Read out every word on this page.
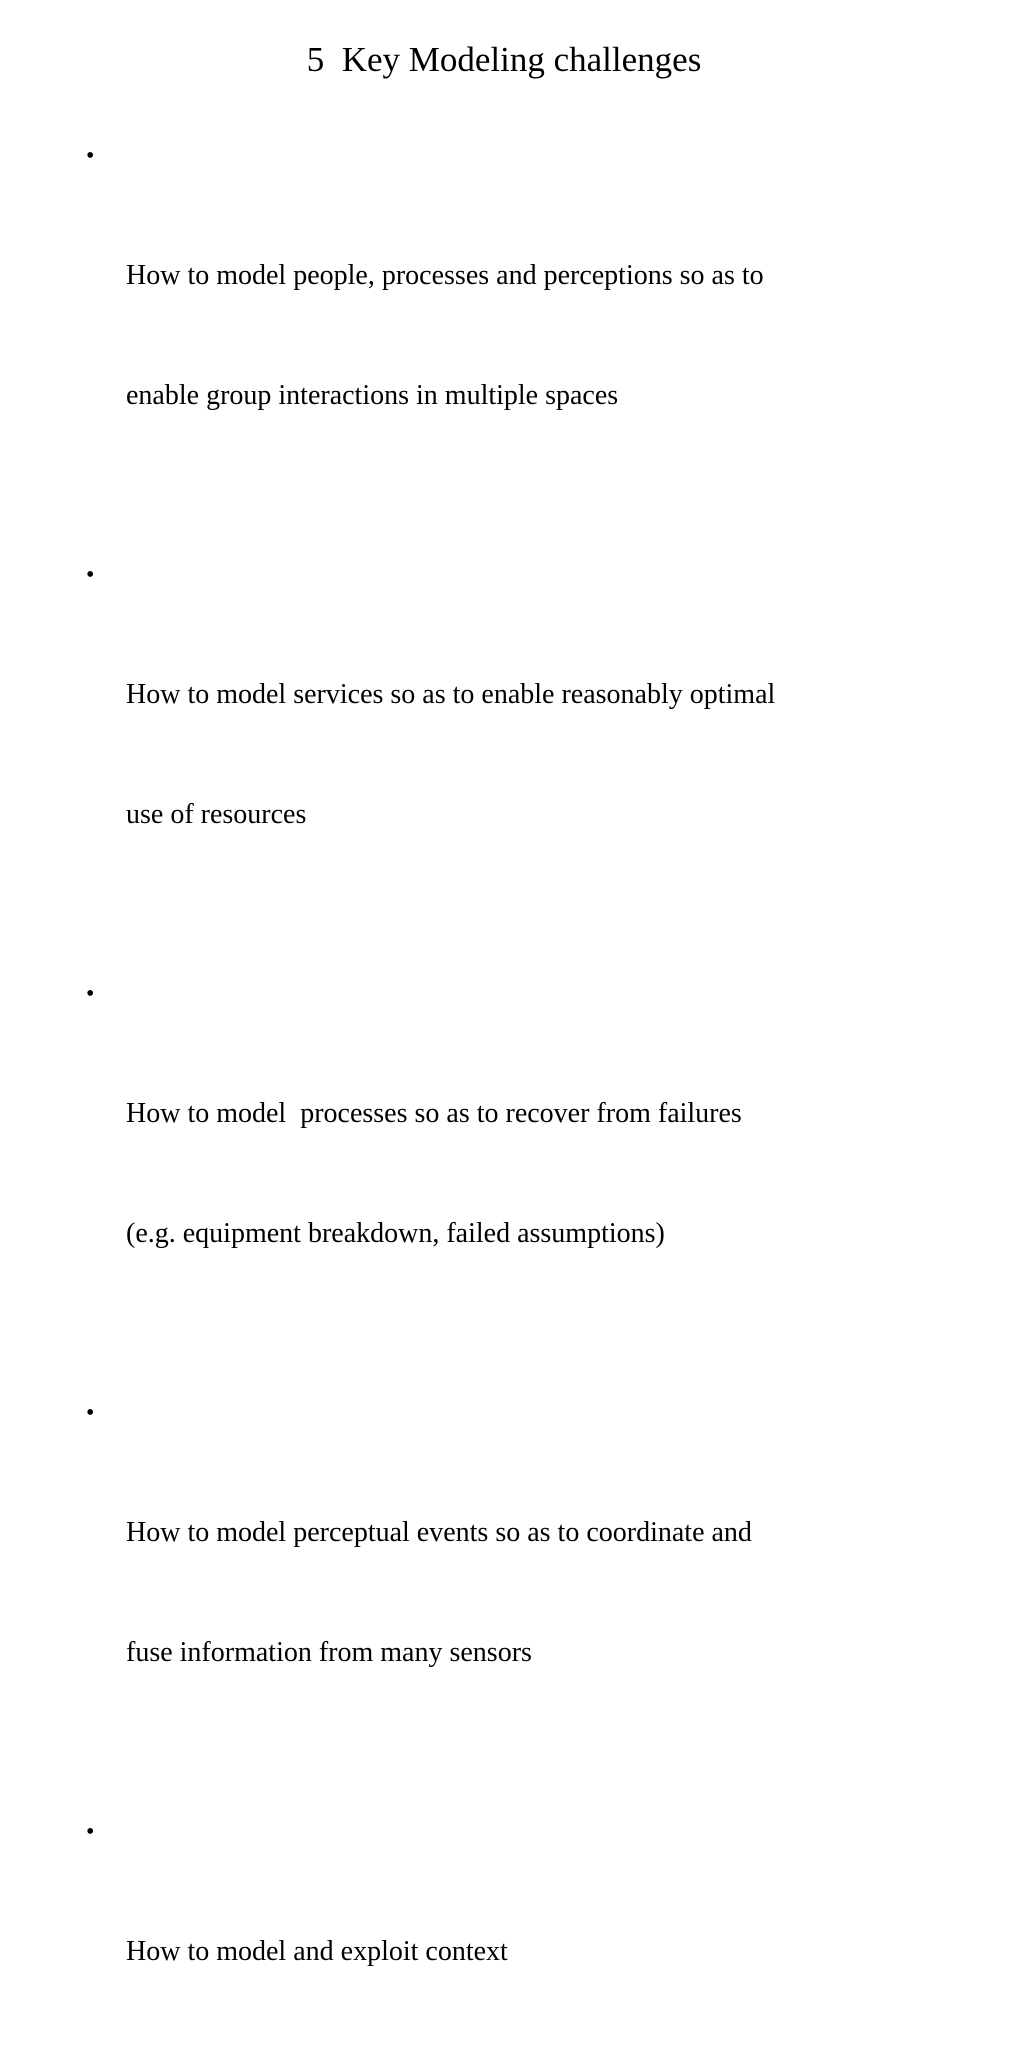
5  Key Modeling challenges

•

How to model people, processes and perceptions so as to

enable group interactions in multiple spaces

•

How to model services so as to enable reasonably optimal

use of resources

•

How to model  processes so as to recover from failures

(e.g. equipment breakdown, failed assumptions)

•

How to model perceptual events so as to coordinate and

fuse information from many sensors

•

How to model and exploit context
